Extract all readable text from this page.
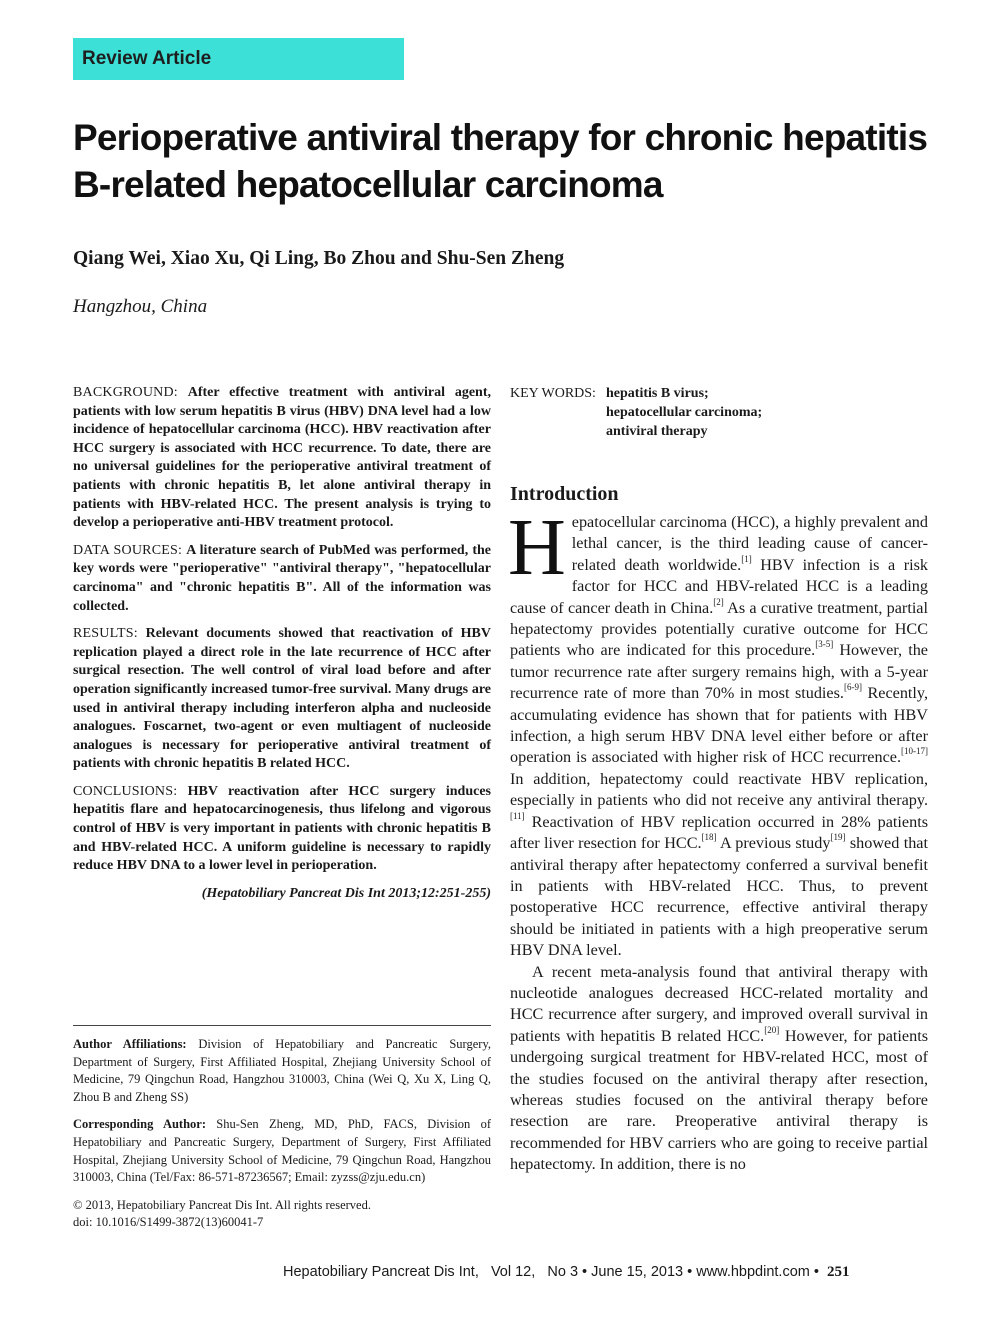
Review Article
Perioperative antiviral therapy for chronic hepatitis B-related hepatocellular carcinoma
Qiang Wei, Xiao Xu, Qi Ling, Bo Zhou and Shu-Sen Zheng
Hangzhou, China

BACKGROUND: After effective treatment with antiviral agent, patients with low serum hepatitis B virus (HBV) DNA level had a low incidence of hepatocellular carcinoma (HCC). HBV reactivation after HCC surgery is associated with HCC recurrence. To date, there are no universal guidelines for the perioperative antiviral treatment of patients with chronic hepatitis B, let alone antiviral therapy in patients with HBV-related HCC. The present analysis is trying to develop a perioperative anti-HBV treatment protocol.

DATA SOURCES: A literature search of PubMed was performed, the key words were "perioperative" "antiviral therapy", "hepatocellular carcinoma" and "chronic hepatitis B". All of the information was collected.

RESULTS: Relevant documents showed that reactivation of HBV replication played a direct role in the late recurrence of HCC after surgical resection. The well control of viral load before and after operation significantly increased tumor-free survival. Many drugs are used in antiviral therapy including interferon alpha and nucleoside analogues. Foscarnet, two-agent or even multiagent of nucleoside analogues is necessary for perioperative antiviral treatment of patients with chronic hepatitis B related HCC.

CONCLUSIONS: HBV reactivation after HCC surgery induces hepatitis flare and hepatocarcinogenesis, thus lifelong and vigorous control of HBV is very important in patients with chronic hepatitis B and HBV-related HCC. A uniform guideline is necessary to rapidly reduce HBV DNA to a lower level in perioperation.

(Hepatobiliary Pancreat Dis Int 2013;12:251-255)

Author Affiliations: Division of Hepatobiliary and Pancreatic Surgery, Department of Surgery, First Affiliated Hospital, Zhejiang University School of Medicine, 79 Qingchun Road, Hangzhou 310003, China (Wei Q, Xu X, Ling Q, Zhou B and Zheng SS)

Corresponding Author: Shu-Sen Zheng, MD, PhD, FACS, Division of Hepatobiliary and Pancreatic Surgery, Department of Surgery, First Affiliated Hospital, Zhejiang University School of Medicine, 79 Qingchun Road, Hangzhou 310003, China (Tel/Fax: 86-571-87236567; Email: zyzss@zju.edu.cn)

© 2013, Hepatobiliary Pancreat Dis Int. All rights reserved.

doi: 10.1016/S1499-3872(13)60041-7

KEY WORDS: hepatitis B virus;
hepatocellular carcinoma;
antiviral therapy
Introduction

Hepatocellular carcinoma (HCC), a highly prevalent and lethal cancer, is the third leading cause of cancer-related death worldwide.[1] HBV infection is a risk factor for HCC and HBV-related HCC is a leading cause of cancer death in China.[2] As a curative treatment, partial hepatectomy provides potentially curative outcome for HCC patients who are indicated for this procedure.[3-5] However, the tumor recurrence rate after surgery remains high, with a 5-year recurrence rate of more than 70% in most studies.[6-9] Recently, accumulating evidence has shown that for patients with HBV infection, a high serum HBV DNA level either before or after operation is associated with higher risk of HCC recurrence.[10-17] In addition, hepatectomy could reactivate HBV replication, especially in patients who did not receive any antiviral therapy.[11] Reactivation of HBV replication occurred in 28% patients after liver resection for HCC.[18] A previous study[19] showed that antiviral therapy after hepatectomy conferred a survival benefit in patients with HBV-related HCC. Thus, to prevent postoperative HCC recurrence, effective antiviral therapy should be initiated in patients with a high preoperative serum HBV DNA level.

A recent meta-analysis found that antiviral therapy with nucleotide analogues decreased HCC-related mortality and HCC recurrence after surgery, and improved overall survival in patients with hepatitis B related HCC.[20] However, for patients undergoing surgical treatment for HBV-related HCC, most of the studies focused on the antiviral therapy after resection, whereas studies focused on the antiviral therapy before resection are rare. Preoperative antiviral therapy is recommended for HBV carriers who are going to receive partial hepatectomy. In addition, there is no

Hepatobiliary Pancreat Dis Int, Vol 12, No 3 • June 15, 2013 • www.hbpdint.com • 251
